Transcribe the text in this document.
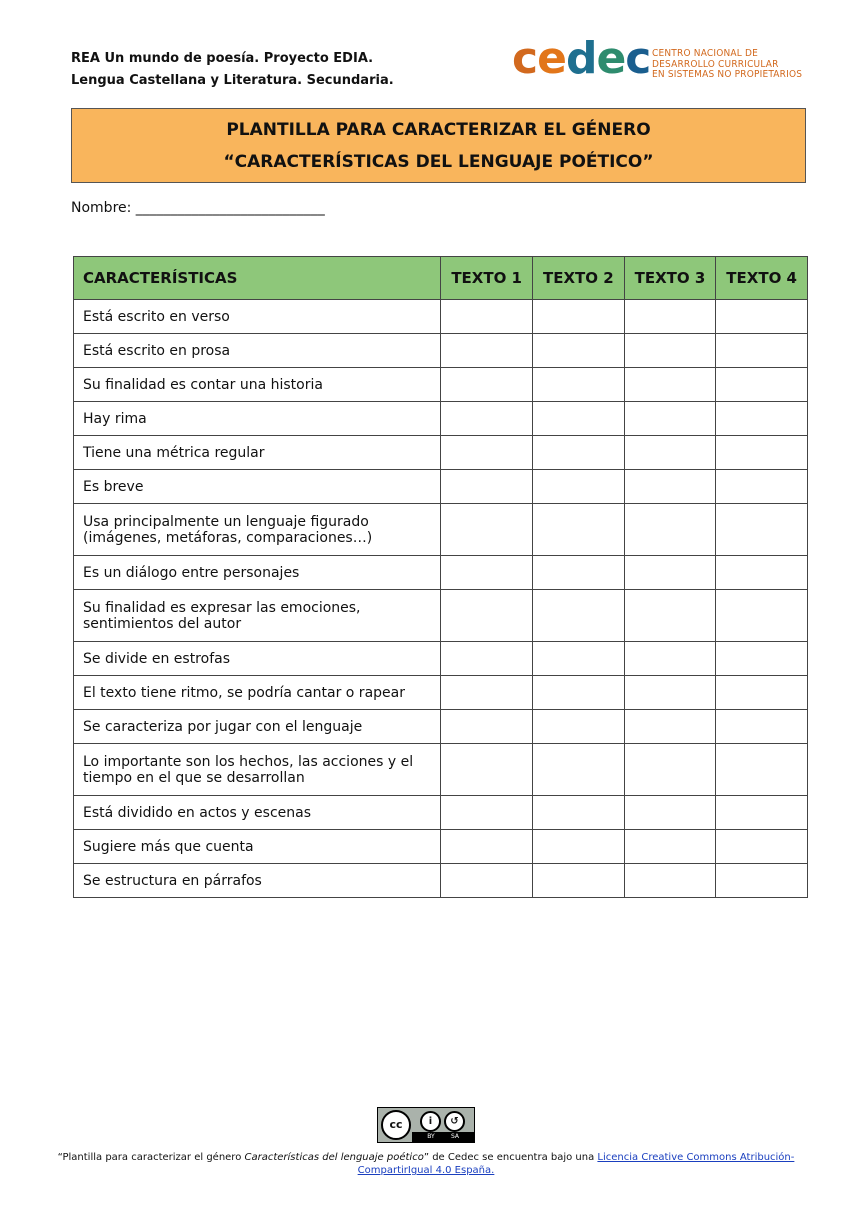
REA Un mundo de poesía. Proyecto EDIA.
Lengua Castellana y Literatura. Secundaria.	cedec CENTRO NACIONAL DE
DESARROLLO CURRICULAR
EN SISTEMAS NO PROPIETARIOS
PLANTILLA PARA CARACTERIZAR EL GÉNERO
“CARACTERÍSTICAS DEL LENGUAJE POÉTICO”
Nombre: ___________________________
CARACTERÍSTICAS	TEXTO 1	TEXTO 2	TEXTO 3	TEXTO 4
Está escrito en verso				
Está escrito en prosa				
Su finalidad es contar una historia				
Hay rima				
Tiene una métrica regular				
Es breve				
Usa principalmente un lenguaje figurado (imágenes, metáforas, comparaciones…)				
Es un diálogo entre personajes				
Su finalidad es expresar las emociones, sentimientos del autor				
Se divide en estrofas				
El texto tiene ritmo, se podría cantar o rapear				
Se caracteriza por jugar con el lenguaje				
Lo importante son los hechos, las acciones y el tiempo en el que se desarrollan				
Está dividido en actos y escenas				
Sugiere más que cuenta				
Se estructura en párrafos				
cc	i	↺
BY	SA
“Plantilla para caracterizar el género Características del lenguaje poético” de Cedec se encuentra bajo una Licencia Creative Commons Atribución-CompartirIgual 4.0 España.
